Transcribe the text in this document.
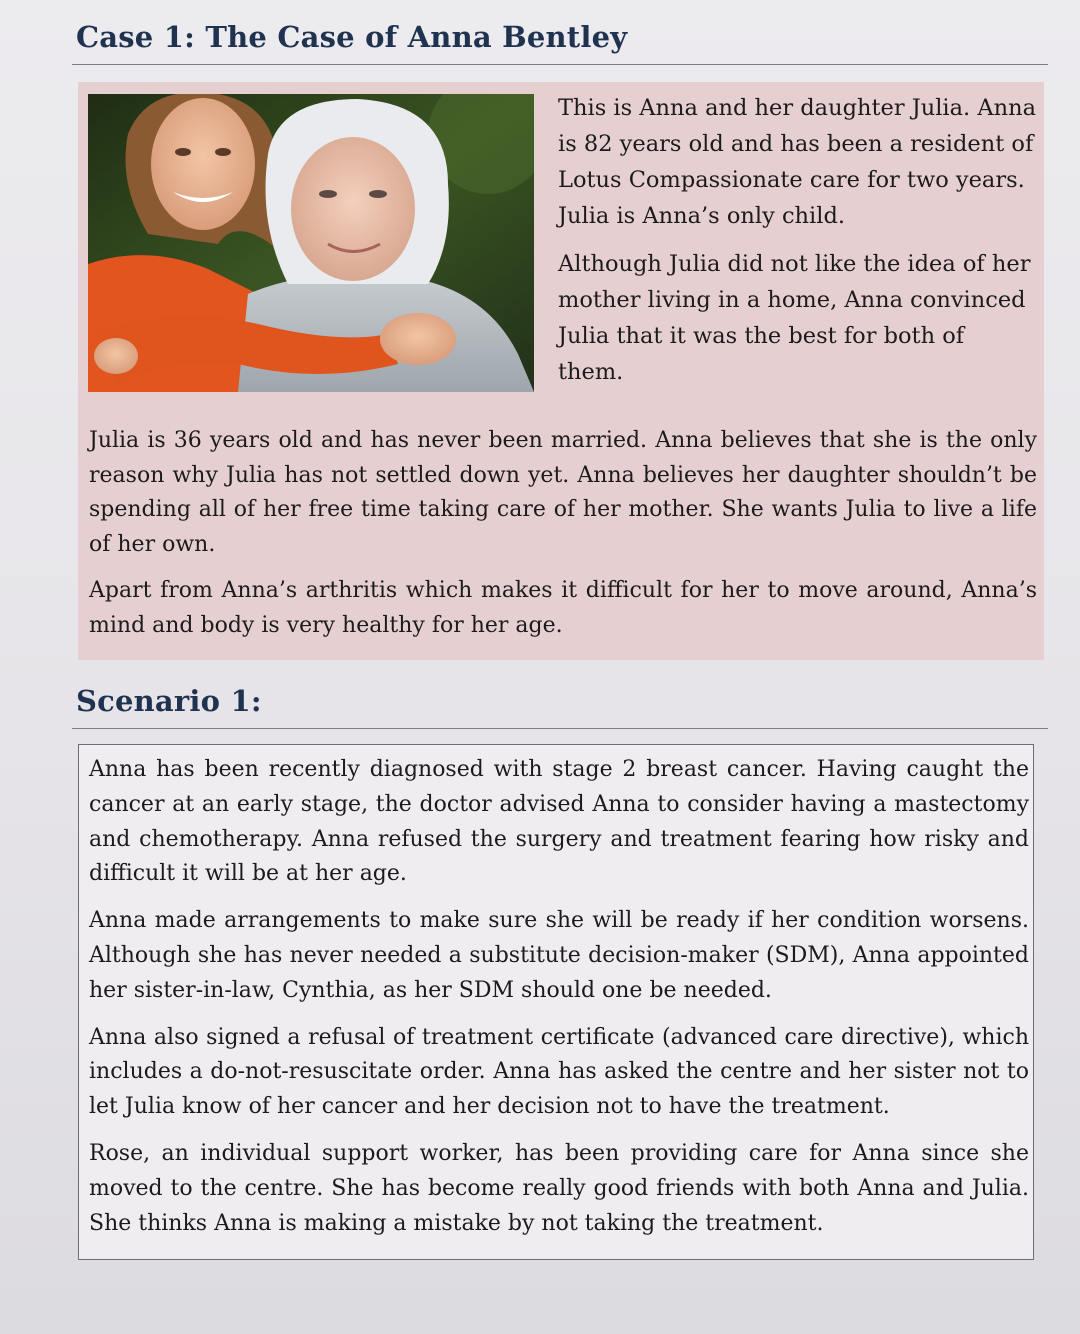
Case 1: The Case of Anna Bentley

This is Anna and her daughter Julia. Anna is 82 years old and has been a resident of Lotus Compassionate care for two years. Julia is Anna’s only child.

Although Julia did not like the idea of her mother living in a home, Anna convinced Julia that it was the best for both of them.

Julia is 36 years old and has never been married. Anna believes that she is the only reason why Julia has not settled down yet. Anna believes her daughter shouldn’t be spending all of her free time taking care of her mother. She wants Julia to live a life of her own.

Apart from Anna’s arthritis which makes it difficult for her to move around, Anna’s mind and body is very healthy for her age.

Scenario 1:

Anna has been recently diagnosed with stage 2 breast cancer. Having caught the cancer at an early stage, the doctor advised Anna to consider having a mastectomy and chemotherapy. Anna refused the surgery and treatment fearing how risky and difficult it will be at her age.

Anna made arrangements to make sure she will be ready if her condition worsens. Although she has never needed a substitute decision-maker (SDM), Anna appointed her sister-in-law, Cynthia, as her SDM should one be needed.

Anna also signed a refusal of treatment certificate (advanced care directive), which includes a do-not-resuscitate order. Anna has asked the centre and her sister not to let Julia know of her cancer and her decision not to have the treatment.

Rose, an individual support worker, has been providing care for Anna since she moved to the centre. She has become really good friends with both Anna and Julia. She thinks Anna is making a mistake by not taking the treatment.
